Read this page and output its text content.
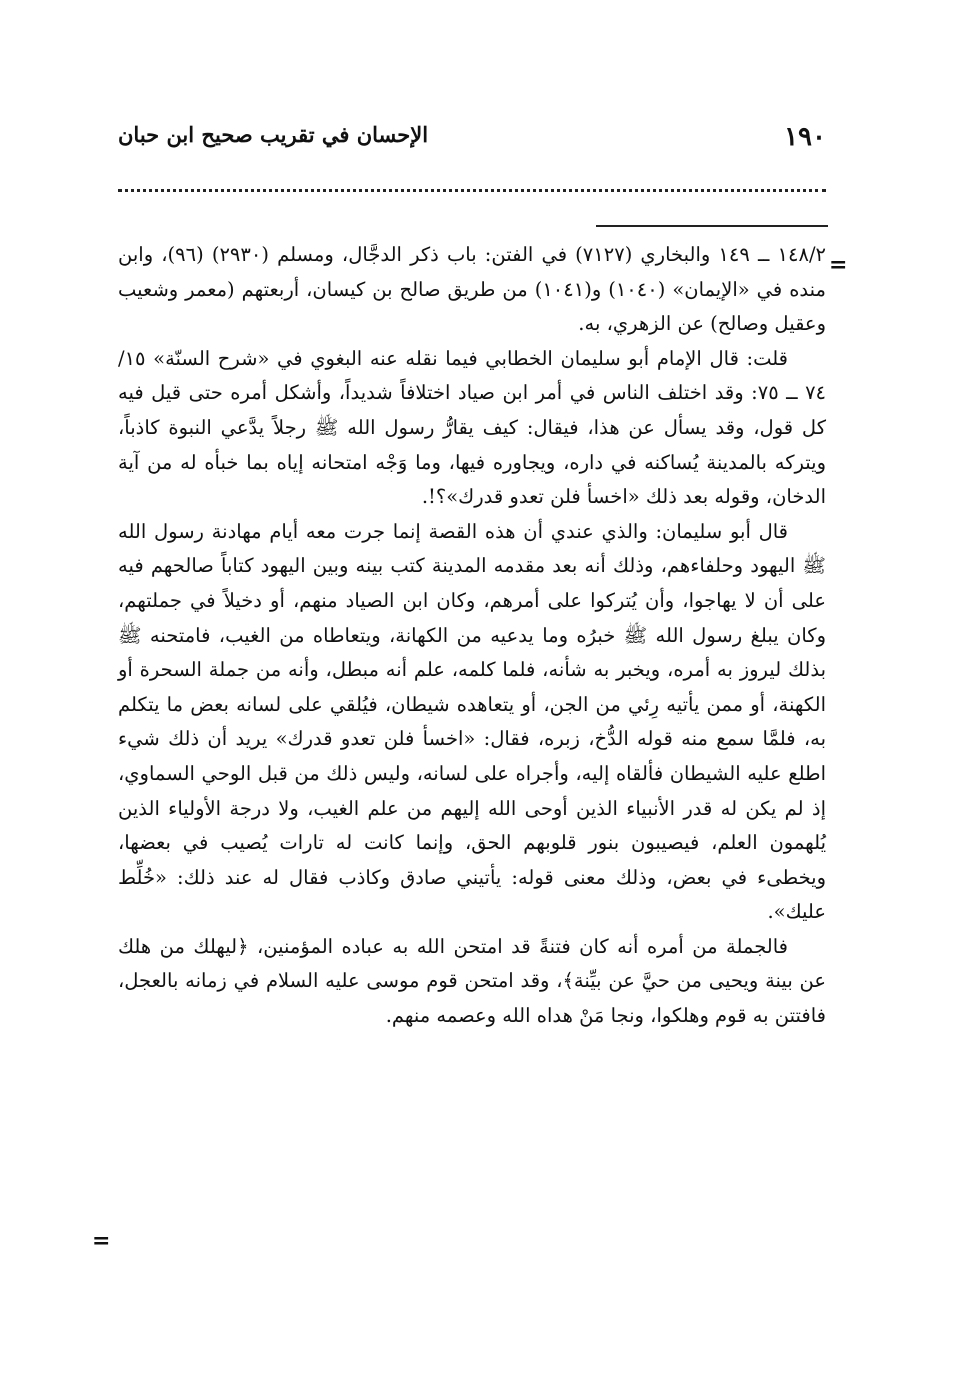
١٩٠
الإحسان في تقريب صحيح ابن حبان
=
=

١٤٨/٢ ــ ١٤٩ والبخاري (٧١٢٧) في الفتن: باب ذكر الدجَّال، ومسلم (٢٩٣٠) (٩٦)، وابن منده في «الإيمان» (١٠٤٠) و(١٠٤١) من طريق صالح بن كيسان، أربعتهم (معمر وشعيب وعقيل وصالح) عن الزهري، به.

قلت: قال الإمام أبو سليمان الخطابي فيما نقله عنه البغوي في «شرح السنّة» ١٥/ ٧٤ ــ ٧٥: وقد اختلف الناس في أمر ابن صياد اختلافاً شديداً، وأشكل أمره حتى قيل فيه كل قول، وقد يسأل عن هذا، فيقال: كيف يقارُّ رسول الله ﷺ رجلاً يدَّعي النبوة كاذباً، ويتركه بالمدينة يُساكنه في داره، ويجاوره فيها، وما وَجْه امتحانه إياه بما خبأه له من آية الدخان، وقوله بعد ذلك «اخسأ فلن تعدو قدرك»؟!.

قال أبو سليمان: والذي عندي أن هذه القصة إنما جرت معه أيام مهادنة رسول الله ﷺ اليهود وحلفاءهم، وذلك أنه بعد مقدمه المدينة كتب بينه وبين اليهود كتاباً صالحهم فيه على أن لا يهاجوا، وأن يُتركوا على أمرهم، وكان ابن الصياد منهم، أو دخيلاً في جملتهم، وكان يبلغ رسول الله ﷺ خبرُه وما يدعيه من الكهانة، ويتعاطاه من الغيب، فامتحنه ﷺ بذلك ليروز به أمره، ويخبر به شأنه، فلما كلمه، علم أنه مبطل، وأنه من جملة السحرة أو الكهنة، أو ممن يأتيه رِئي من الجن، أو يتعاهده شيطان، فيُلقي على لسانه بعض ما يتكلم به، فلمَّا سمع منه قوله الدُّخ، زبره، فقال: «اخسأ فلن تعدو قدرك» يريد أن ذلك شيء اطلع عليه الشيطان فألقاه إليه، وأجراه على لسانه، وليس ذلك من قبل الوحي السماوي، إذ لم يكن له قدر الأنبياء الذين أوحى الله إليهم من علم الغيب، ولا درجة الأولياء الذين يُلهمون العلم، فيصيبون بنور قلوبهم الحق، وإنما كانت له تارات يُصيب في بعضها، ويخطىء في بعض، وذلك معنى قوله: يأتيني صادق وكاذب فقال له عند ذلك: «خُلِّط عليك».

فالجملة من أمره أنه كان فتنةً قد امتحن الله به عباده المؤمنين، ﴿ليهلك من هلك عن بينة ويحيى من حيَّ عن بيِّنة﴾، وقد امتحن قوم موسى عليه السلام في زمانه بالعجل، فافتتن به قوم وهلكوا، ونجا مَنْ هداه الله وعصمه منهم.
